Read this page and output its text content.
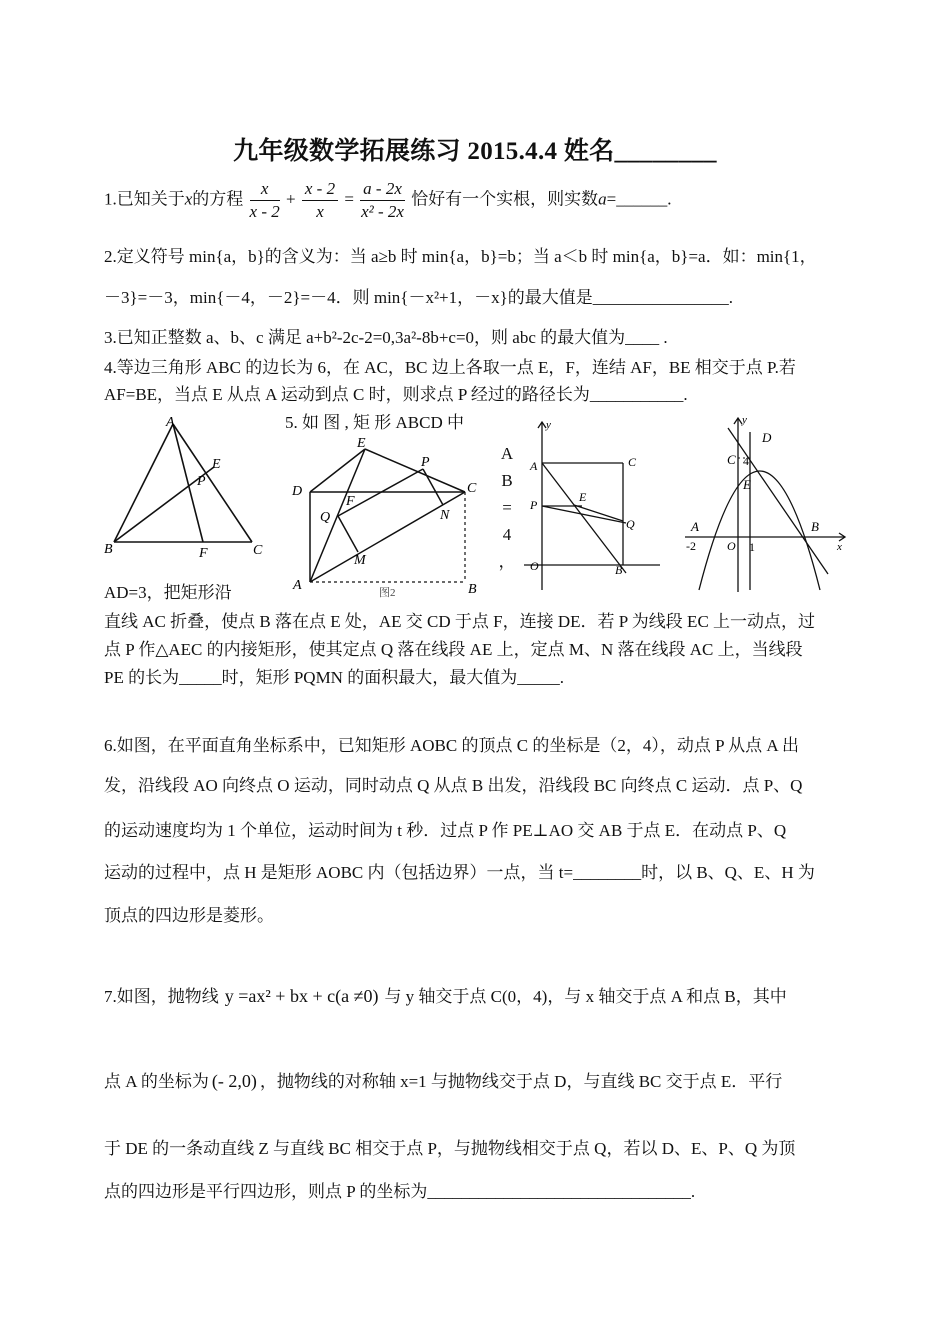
九年级数学拓展练习 2015.4.4 姓名________
1.已知关于x的方程 $\frac{x}{x - 2} + \frac{x - 2}{x} = \frac{a - 2x}{\text{x² - 2x}}$ 恰好有一个实根，则实数a=______.
2.定义符号 min{a，b}的含义为：当 a≥b 时 min{a，b}=b；当 a＜b 时 min{a，b}=a．如：min{1，
－3}=－3，min{－4，－2}=－4．则 min{－x²+1，－x}的最大值是________________.
3.已知正整数 a、b、c 满足 a+b²-2c-2=0,3a²-8b+c=0，则 abc 的最大值为____ .
4.等边三角形 ABC 的边长为 6，在 AC，BC 边上各取一点 E，F，连结 AF，BE 相交于点 P.若
AF=BE，当点 E 从点 A 运动到点 C 时，则求点 P 经过的路径长为___________.
A
E
P
B	F	C
5. 如 图 , 矩 形 ABCD 中
E
P
D	C
F
Q	N
M
A	B
图2
A
B
=
4
，
y
C
A
P
E
Q
O	B
y
x
D
C 4
E
A	B
-2	O 1
AD=3，把矩形沿
直线 AC 折叠，使点 B 落在点 E 处，AE 交 CD 于点 F，连接 DE．若 P 为线段 EC 上一动点，过
点 P 作△AEC 的内接矩形，使其定点 Q 落在线段 AE 上，定点 M、N 落在线段 AC 上，当线段
PE 的长为_____时，矩形 PQMN 的面积最大，最大值为_____.
6.如图，在平面直角坐标系中，已知矩形 AOBC 的顶点 C 的坐标是（2，4），动点 P 从点 A 出
发，沿线段 AO 向终点 O 运动，同时动点 Q 从点 B 出发，沿线段 BC 向终点 C 运动．点 P、Q
的运动速度均为 1 个单位，运动时间为 t 秒．过点 P 作 PE⊥AO 交 AB 于点 E．在动点 P、Q
运动的过程中，点 H 是矩形 AOBC 内（包括边界）一点，当 t=________时，以 B、Q、E、H 为
顶点的四边形是菱形。
7.如图，抛物线 y =ax² + bx + c(a ≠0) 与 y 轴交于点 C(0，4)，与 x 轴交于点 A 和点 B，其中
点 A 的坐标为 (- 2,0) ，抛物线的对称轴 x=1 与抛物线交于点 D，与直线 BC 交于点 E．平行
于 DE 的一条动直线 Z 与直线 BC 相交于点 P，与抛物线相交于点 Q，若以 D、E、P、Q 为顶
点的四边形是平行四边形，则点 P 的坐标为_______________________________.
